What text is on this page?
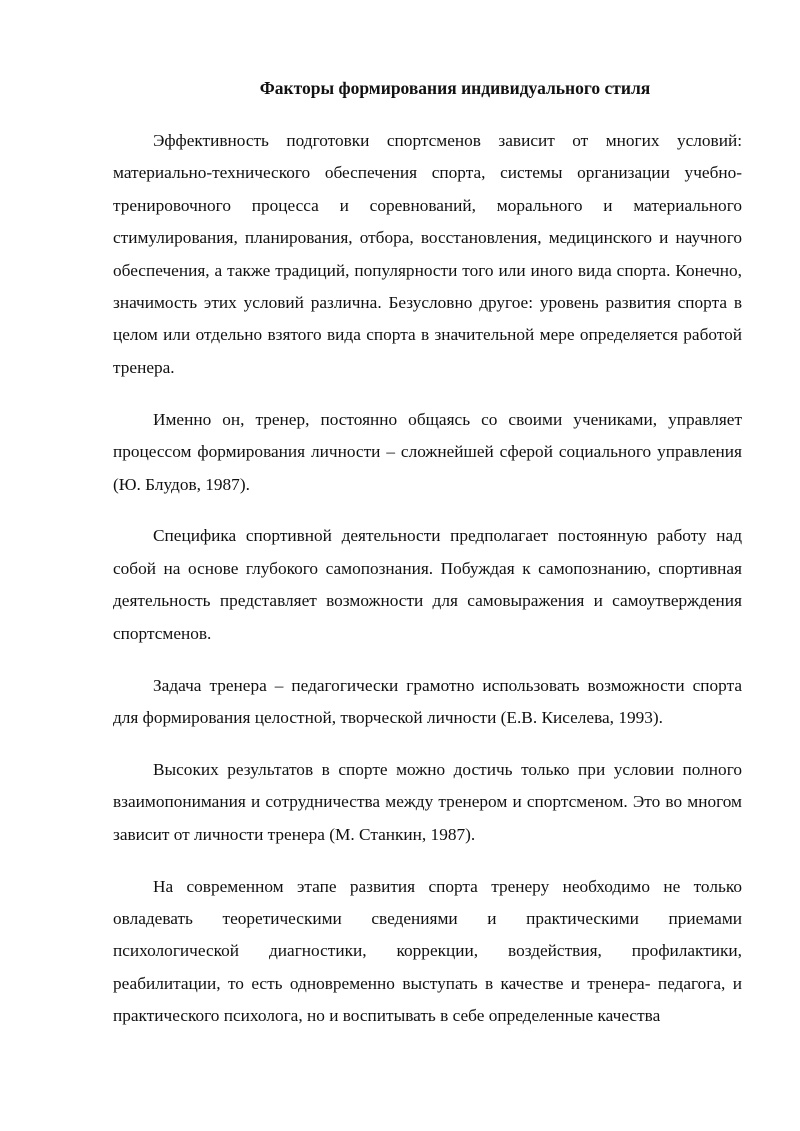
Факторы формирования индивидуального стиля

Эффективность подготовки спортсменов зависит от многих условий: материально-технического обеспечения спорта, системы организации учебно-тренировочного процесса и соревнований, морального и материального стимулирования, планирования, отбора, восстановления, медицинского и научного обеспечения, а также традиций, популярности того или иного вида спорта. Конечно, значимость этих условий различна. Безусловно другое: уровень развития спорта в целом или отдельно взятого вида спорта в значительной мере определяется работой тренера.

Именно он, тренер, постоянно общаясь со своими учениками, управляет процессом формирования личности – сложнейшей сферой социального управления (Ю. Блудов, 1987).

Специфика спортивной деятельности предполагает постоянную работу над собой на основе глубокого самопознания. Побуждая к самопознанию, спортивная деятельность представляет возможности для самовыражения и самоутверждения спортсменов.

Задача тренера – педагогически грамотно использовать возможности спорта для формирования целостной, творческой личности (Е.В. Киселева, 1993).

Высоких результатов в спорте можно достичь только при условии полного взаимопонимания и сотрудничества между тренером и спортсменом. Это во многом зависит от личности тренера (М. Станкин, 1987).

На современном этапе развития спорта тренеру необходимо не только овладевать теоретическими сведениями и практическими приемами психологической диагностики, коррекции, воздействия, профилактики, реабилитации, то есть одновременно выступать в качестве и тренера- педагога, и практического психолога, но и воспитывать в себе определенные качества
